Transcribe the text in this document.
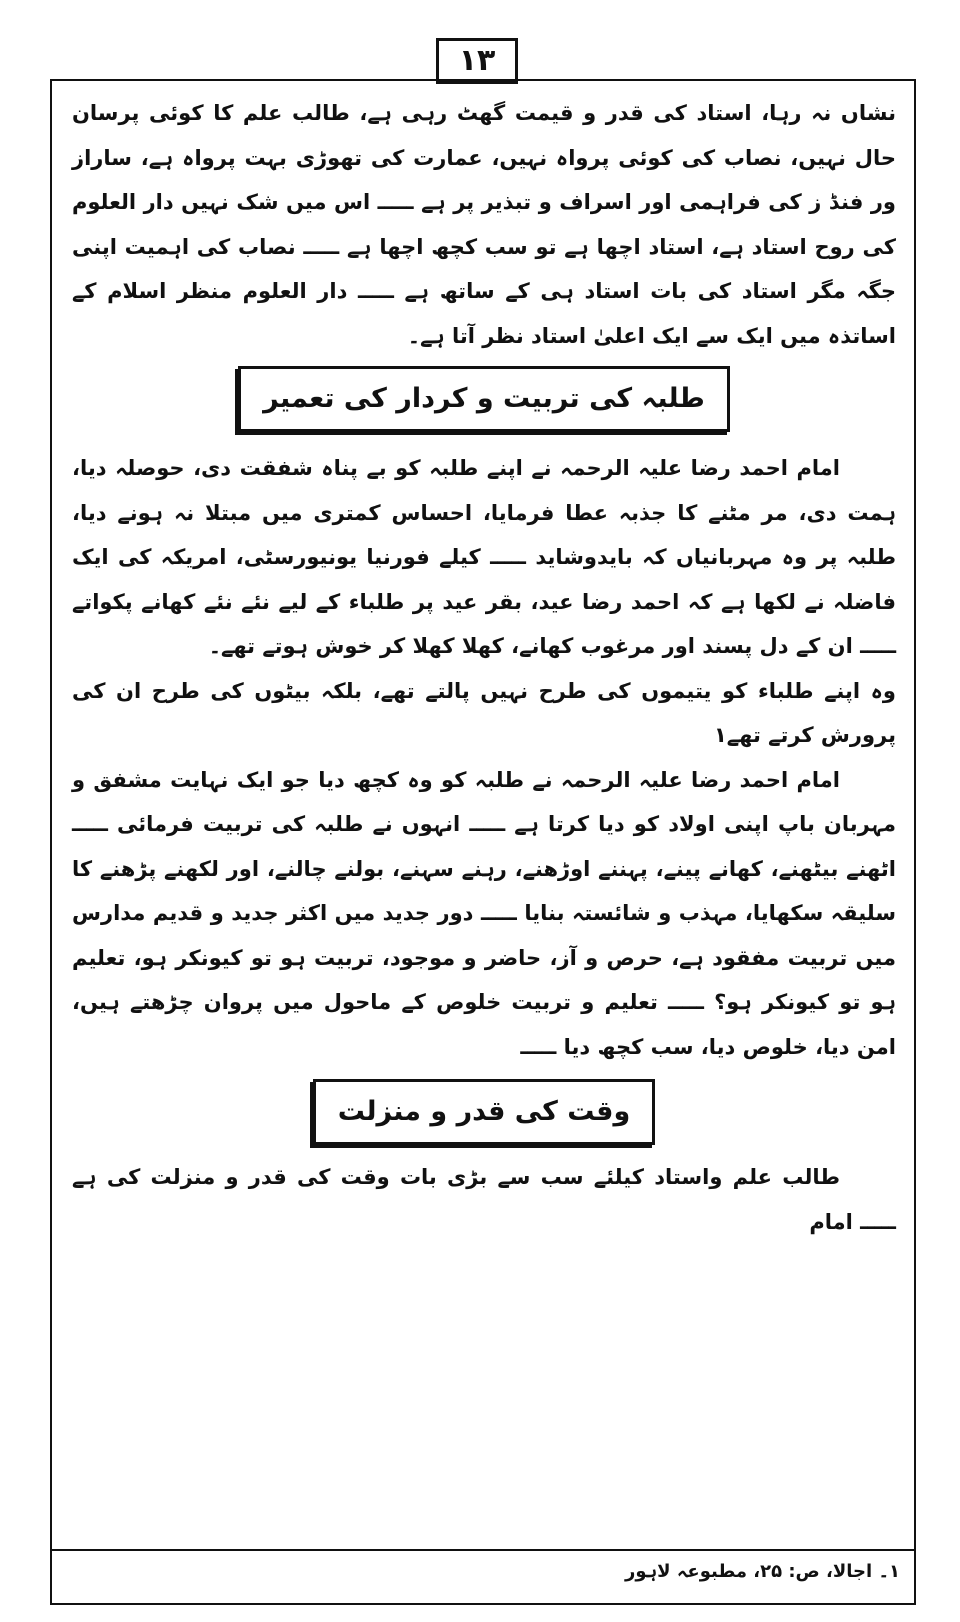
١٣

نشاں نہ رہا، استاد کی قدر و قیمت گھٹ رہی ہے، طالب علم کا کوئی پرسان حال نہیں، نصاب کی کوئی پرواہ نہیں، عمارت کی تھوڑی بہت پرواہ ہے، ساراز ور فنڈ ز کی فراہمی اور اسراف و تبذیر پر ہے ـــــ اس میں شک نہیں دار العلوم کی روح استاد ہے، استاد اچھا ہے تو سب کچھ اچھا ہے ـــــ نصاب کی اہمیت اپنی جگہ مگر استاد کی بات استاد ہی کے ساتھ ہے ـــــ دار العلوم منظر اسلام کے اساتذہ میں ایک سے ایک اعلیٰ استاد نظر آتا ہے۔

طلبہ کی تربیت و کردار کی تعمیر

امام احمد رضا علیہ الرحمہ نے اپنے طلبہ کو بے پناہ شفقت دی، حوصلہ دیا، ہمت دی، مر مٹنے کا جذبہ عطا فرمایا، احساس کمتری میں مبتلا نہ ہونے دیا، طلبہ پر وہ مہربانیاں کہ بایدوشاید ـــــ کیلے فورنیا یونیورسٹی، امریکہ کی ایک فاضلہ نے لکھا ہے کہ احمد رضا عید، بقر عید پر طلباء کے لیے نئے نئے کھانے پکواتے ـــــ ان کے دل پسند اور مرغوب کھانے، کھلا کھلا کر خوش ہوتے تھے۔

وہ اپنے طلباء کو یتیموں کی طرح نہیں پالتے تھے، بلکہ بیٹوں کی طرح ان کی پرورش کرتے تھے۱

امام احمد رضا علیہ الرحمہ نے طلبہ کو وہ کچھ دیا جو ایک نہایت مشفق و مہربان باپ اپنی اولاد کو دیا کرتا ہے ـــــ انہوں نے طلبہ کی تربیت فرمائی ـــــ اٹھنے بیٹھنے، کھانے پینے، پہننے اوڑھنے، رہنے سہنے، بولنے چالنے، اور لکھنے پڑھنے کا سلیقہ سکھایا، مہذب و شائستہ بنایا ـــــ دور جدید میں اکثر جدید و قدیم مدارس میں تربیت مفقود ہے، حرص و آز، حاضر و موجود، تربیت ہو تو کیونکر ہو، تعلیم ہو تو کیونکر ہو؟ ـــــ تعلیم و تربیت خلوص کے ماحول میں پروان چڑھتے ہیں، امن دیا، خلوص دیا، سب کچھ دیا ـــــ

وقت کی قدر و منزلت

طالب علم واستاد کیلئے سب سے بڑی بات وقت کی قدر و منزلت کی ہے ـــــ امام

۱۔ اجالا، ص: ۲۵، مطبوعہ لاہور
